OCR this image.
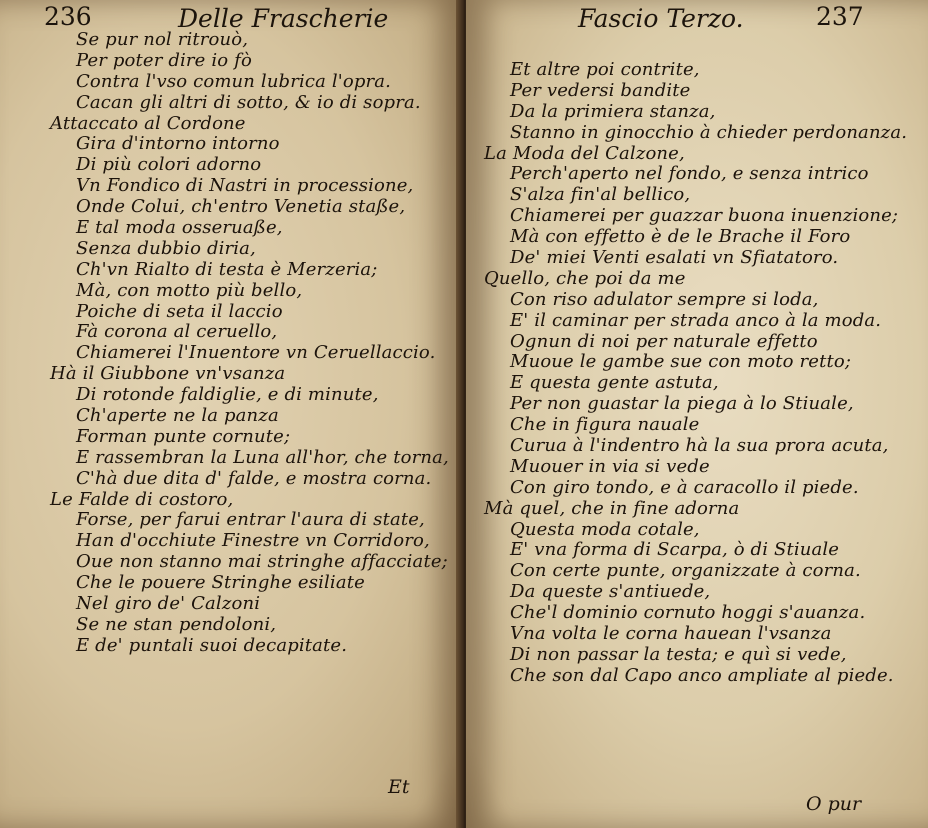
236	Delle Frascherie
Se pur nol ritrouò,
Per poter dire io fò
Contra l'vso comun lubrica l'opra.
Cacan gli altri di sotto, & io di sopra.
Attaccato al Cordone
Gira d'intorno intorno
Di più colori adorno
Vn Fondico di Nastri in processione,
Onde Colui, ch'entro Venetia staße,
E tal moda osseruaße,
Senza dubbio diria,
Ch'vn Rialto di testa è Merzeria;
Mà, con motto più bello,
Poiche di seta il laccio
Fà corona al ceruello,
Chiamerei l'Inuentore vn Ceruellaccio.
Hà il Giubbone vn'vsanza
Di rotonde faldiglie, e di minute,
Ch'aperte ne la panza
Forman punte cornute;
E rassembran la Luna all'hor, che torna,
C'hà due dita d' falde, e mostra corna.
Le Falde di costoro,
Forse, per farui entrar l'aura di state,
Han d'occhiute Finestre vn Corridoro,
Oue non stanno mai stringhe affacciate;
Che le pouere Stringhe esiliate
Nel giro de' Calzoni
Se ne stan pendoloni,
E de' puntali suoi decapitate.
Et
Fascio Terzo.	237
Et altre poi contrite,
Per vedersi bandite
Da la primiera stanza,
Stanno in ginocchio à chieder perdonanza.
La Moda del Calzone,
Perch'aperto nel fondo, e senza intrico
S'alza fin'al bellico,
Chiamerei per guazzar buona inuenzione;
Mà con effetto è de le Brache il Foro
De' miei Venti esalati vn Sfiatatoro.
Quello, che poi da me
Con riso adulator sempre si loda,
E' il caminar per strada anco à la moda.
Ognun di noi per naturale effetto
Muoue le gambe sue con moto retto;
E questa gente astuta,
Per non guastar la piega à lo Stiuale,
Che in figura nauale
Curua à l'indentro hà la sua prora acuta,
Muouer in via si vede
Con giro tondo, e à caracollo il piede.
Mà quel, che in fine adorna
Questa moda cotale,
E' vna forma di Scarpa, ò di Stiuale
Con certe punte, organizzate à corna.
Da queste s'antiuede,
Che'l dominio cornuto hoggi s'auanza.
Vna volta le corna hauean l'vsanza
Di non passar la testa; e quì si vede,
Che son dal Capo anco ampliate al piede.
O pur
